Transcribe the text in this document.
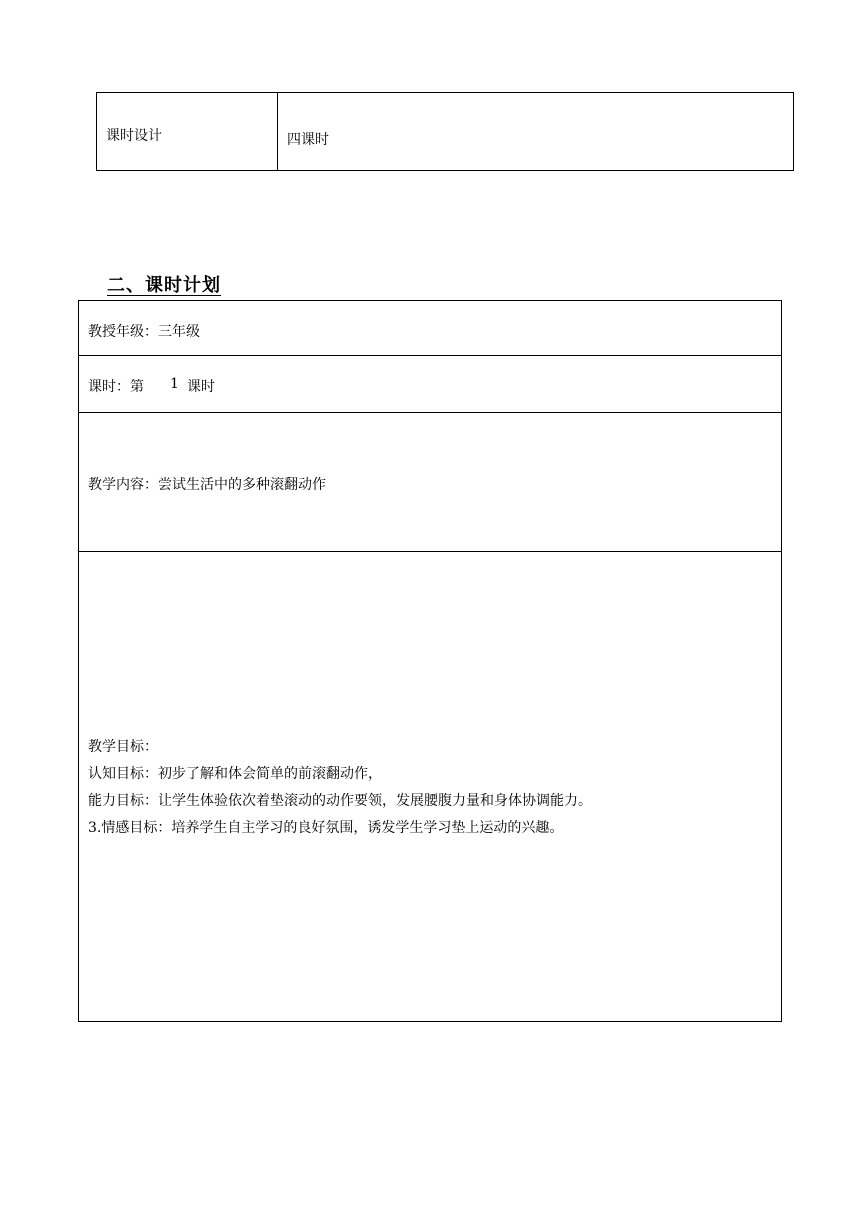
课时设计	四课时
二、课时计划
教授年级：三年级
课时：第 1 课时
教学内容：尝试生活中的多种滚翻动作
教学目标：
认知目标：初步了解和体会简单的前滚翻动作，
能力目标：让学生体验依次着垫滚动的动作要领，发展腰腹力量和身体协调能力。
3.情感目标：培养学生自主学习的良好氛围，诱发学生学习垫上运动的兴趣。
